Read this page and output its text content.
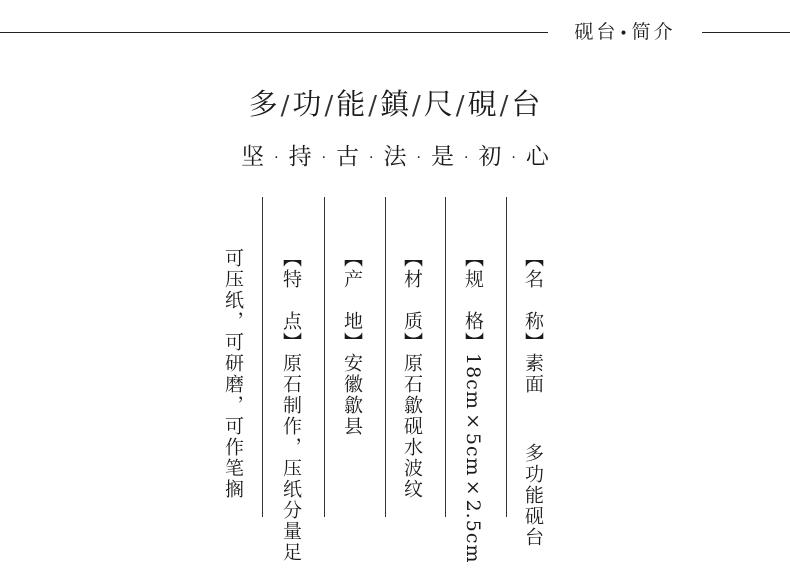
砚台•简介
多/功/能/鎮/尺/硯/台
坚 · 持 · 古 · 法 · 是 · 初 · 心

【名　称】素面  多功能砚台

【规　格】18cm×5cm×2.5cm

【材　质】原石歙砚水波纹

【产　地】安徽歙县

【特　点】原石制作，压纸分量足

可压纸，可研磨，可作笔搁
